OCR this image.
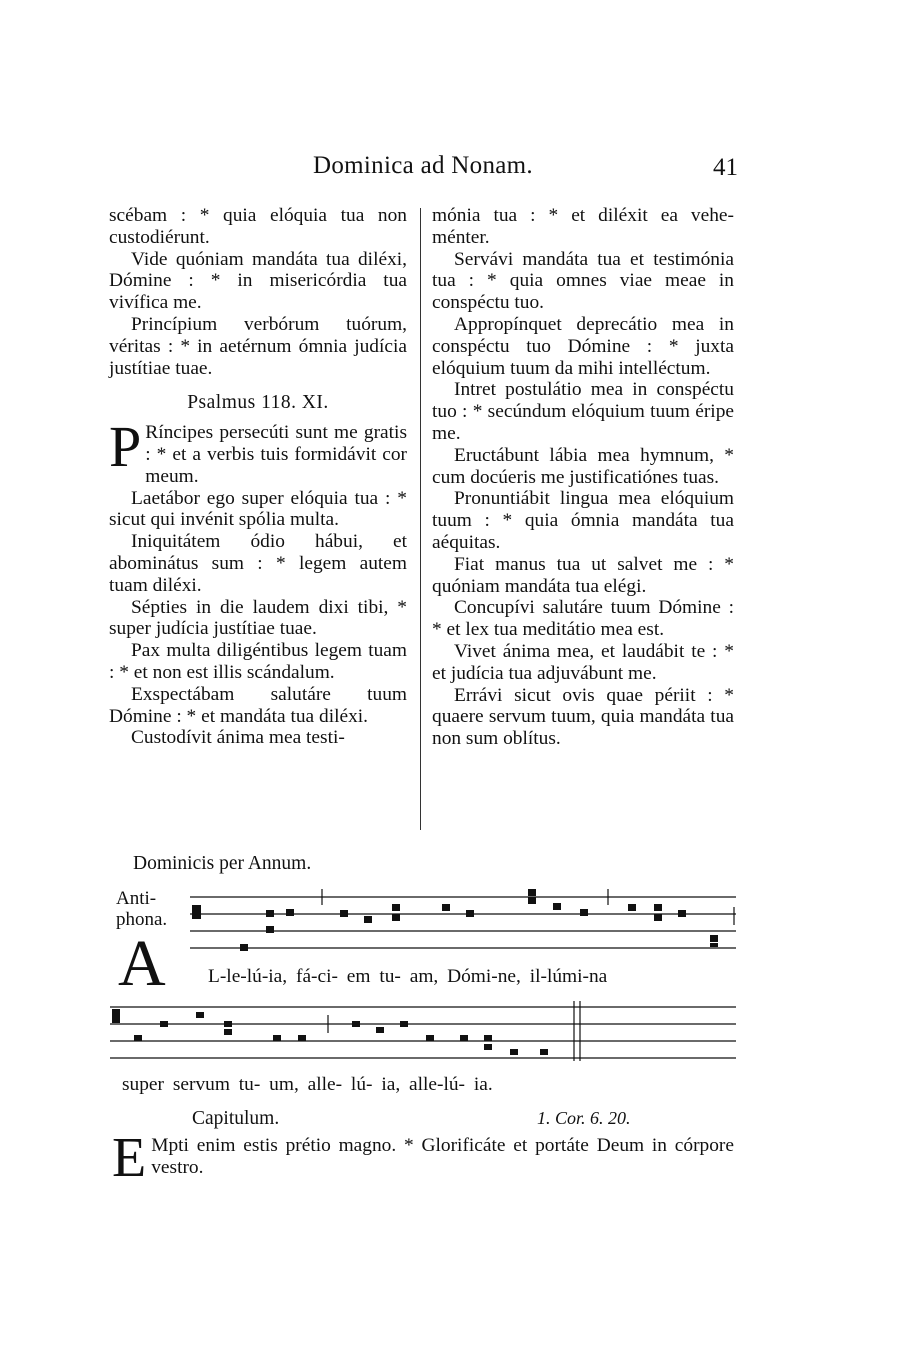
Dominica ad Nonam.	41

scébam : * quia elóquia tua non custodiérunt.

Vide quóniam mandáta tua diléxi, Dómine : * in misericórdia tua vivífica me.

Princípium verbórum tuórum, véritas : * in aetérnum ómnia judícia justítiae tuae.

Psalmus 118. XI.

P Ríncipes persecúti sunt me gratis : * et a verbis tuis formidávit cor meum.

Laetábor ego super elóquia tua : * sicut qui invénit spólia multa.

Iniquitátem ódio hábui, et abominátus sum : * legem autem tuam diléxi.

Sépties in die laudem dixi tibi, * super judícia justítiae tuae.

Pax multa diligéntibus legem tuam : * et non est illis scándalum.

Exspectábam salutáre tuum Dómine : * et mandáta tua diléxi.

Custodívit ánima mea testi-

mónia tua : * et diléxit ea vehe-ménter.

Servávi mandáta tua et testimónia tua : * quia omnes viae meae in conspéctu tuo.

Appropínquet deprecátio mea in conspéctu tuo Dómine : * juxta elóquium tuum da mihi intelléctum.

Intret postulátio mea in conspéctu tuo : * secúndum elóquium tuum éripe me.

Eructábunt lábia mea hymnum, * cum docúeris me justificatiónes tuas.

Pronuntiábit lingua mea elóquium tuum : * quia ómnia mandáta tua aéquitas.

Fiat manus tua ut salvet me : * quóniam mandáta tua elégi.

Concupívi salutáre tuum Dómine : * et lex tua meditátio mea est.

Vivet ánima mea, et laudábit te : * et judícia tua adjuvábunt me.

Errávi sicut ovis quae périit : * quaere servum tuum, quia mandáta tua non sum oblítus.

Dominicis per Annum.
Anti-
phona.
A L-le-lú-ia, fá-ci- em tu- am, Dómi-ne, il-lúmi-na
super servum tu- um, alle- lú- ia, alle-lú- ia.
Capitulum.	1. Cor. 6. 20.
E Mpti enim estis prétio magno. * Glorificáte et portáte Deum in córpore vestro.
